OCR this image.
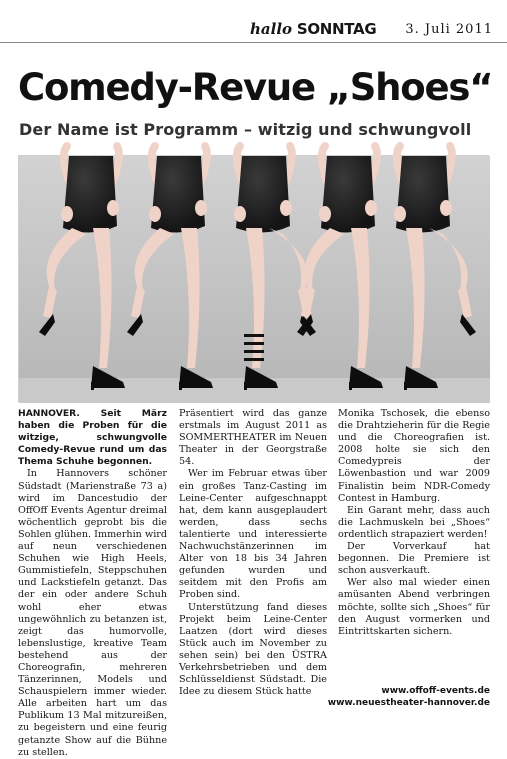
hallo SONNTAG 3. Juli 2011
Comedy-Revue „Shoes“
Der Name ist Programm – witzig und schwungvoll

HANNOVER. Seit März haben die Proben für die witzige, schwungvolle Comedy-Revue rund um das Thema Schuhe begonnen.

In Hannovers schöner Südstadt (Marienstraße 73 a) wird im Dancestudio der OffOff Events Agentur dreimal wöchentlich geprobt bis die Sohlen glühen. Immerhin wird auf neun verschiedenen Schuhen wie High Heels, Gummistiefeln, Steppschuhen und Lackstiefeln getanzt. Das der ein oder andere Schuh wohl eher etwas ungewöhnlich zu betanzen ist, zeigt das humorvolle, lebenslustige, kreative Team bestehend aus der Choreografin, mehreren Tänzerinnen, Models und Schauspielern immer wieder. Alle arbeiten hart um das Publikum 13 Mal mitzureißen, zu begeistern und eine feurig getanzte Show auf die Bühne zu stellen.

Präsentiert wird das ganze erstmals im August 2011 as SOMMERTHEATER im Neuen Theater in der Georgstraße 54.

Wer im Februar etwas über ein großes Tanz-Casting im Leine-Center aufgeschnappt hat, dem kann ausgeplaudert werden, dass sechs talentierte und interessierte Nachwuchstänzerinnen im Alter von 18 bis 34 Jahren gefunden wurden und seitdem mit den Profis am Proben sind.

Unterstützung fand dieses Projekt beim Leine-Center Laatzen (dort wird dieses Stück auch im November zu sehen sein) bei den ÜSTRA Verkehrsbetrieben und dem Schlüsseldienst Südstadt. Die Idee zu diesem Stück hatte

Monika Tschosek, die ebenso die Drahtzieherin für die Regie und die Choreografien ist. 2008 holte sie sich den Comedypreis der Löwenbastion und war 2009 Finalistin beim NDR-Comedy Contest in Hamburg.

Ein Garant mehr, dass auch die Lachmuskeln bei „Shoes“ ordentlich strapaziert werden!

Der Vorverkauf hat begonnen. Die Premiere ist schon ausverkauft.

Wer also mal wieder einen amüsanten Abend verbringen möchte, sollte sich „Shoes“ für den August vormerken und Eintrittskarten sichern.

www.offoff-events.de
www.neuestheater-hannover.de
